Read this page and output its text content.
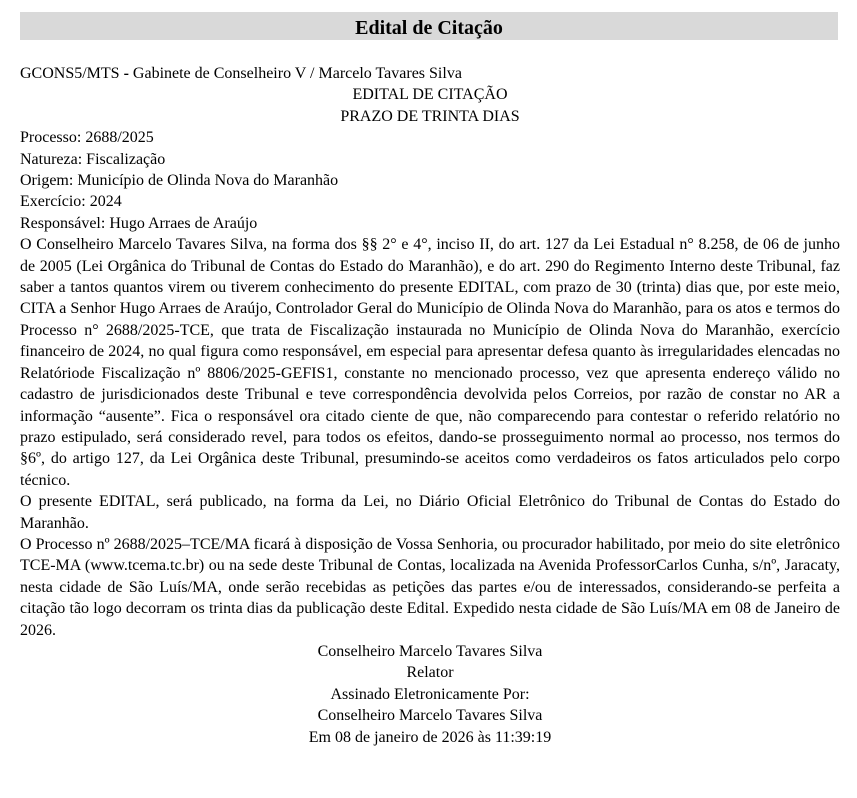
Edital de Citação
GCONS5/MTS - Gabinete de Conselheiro V / Marcelo Tavares Silva
EDITAL DE CITAÇÃO
PRAZO DE TRINTA DIAS
Processo: 2688/2025
Natureza: Fiscalização
Origem: Município de Olinda Nova do Maranhão
Exercício: 2024
Responsável: Hugo Arraes de Araújo

O Conselheiro Marcelo Tavares Silva, na forma dos §§ 2° e 4°, inciso II, do art. 127 da Lei Estadual n° 8.258, de 06 de junho de 2005 (Lei Orgânica do Tribunal de Contas do Estado do Maranhão), e do art. 290 do Regimento Interno deste Tribunal, faz saber a tantos quantos virem ou tiverem conhecimento do presente EDITAL, com prazo de 30 (trinta) dias que, por este meio, CITA a Senhor Hugo Arraes de Araújo, Controlador Geral do Município de Olinda Nova do Maranhão, para os atos e termos do Processo n° 2688/2025-TCE, que trata de Fiscalização instaurada no Município de Olinda Nova do Maranhão, exercício financeiro de 2024, no qual figura como responsável, em especial para apresentar defesa quanto às irregularidades elencadas no Relatóriode Fiscalização nº 8806/2025-GEFIS1, constante no mencionado processo, vez que apresenta endereço válido no cadastro de jurisdicionados deste Tribunal e teve correspondência devolvida pelos Correios, por razão de constar no AR a informação “ausente”. Fica o responsável ora citado ciente de que, não comparecendo para contestar o referido relatório no prazo estipulado, será considerado revel, para todos os efeitos, dando-se prosseguimento normal ao processo, nos termos do §6º, do artigo 127, da Lei Orgânica deste Tribunal, presumindo-se aceitos como verdadeiros os fatos articulados pelo corpo técnico.

O presente EDITAL, será publicado, na forma da Lei, no Diário Oficial Eletrônico do Tribunal de Contas do Estado do Maranhão.

O Processo nº 2688/2025–TCE/MA ficará à disposição de Vossa Senhoria, ou procurador habilitado, por meio do site eletrônico TCE-MA (www.tcema.tc.br) ou na sede deste Tribunal de Contas, localizada na Avenida ProfessorCarlos Cunha, s/nº, Jaracaty, nesta cidade de São Luís/MA, onde serão recebidas as petições das partes e/ou de interessados, considerando-se perfeita a citação tão logo decorram os trinta dias da publicação deste Edital. Expedido nesta cidade de São Luís/MA em 08 de Janeiro de 2026.

Conselheiro Marcelo Tavares Silva
Relator
Assinado Eletronicamente Por:
Conselheiro Marcelo Tavares Silva
Em 08 de janeiro de 2026 às 11:39:19
